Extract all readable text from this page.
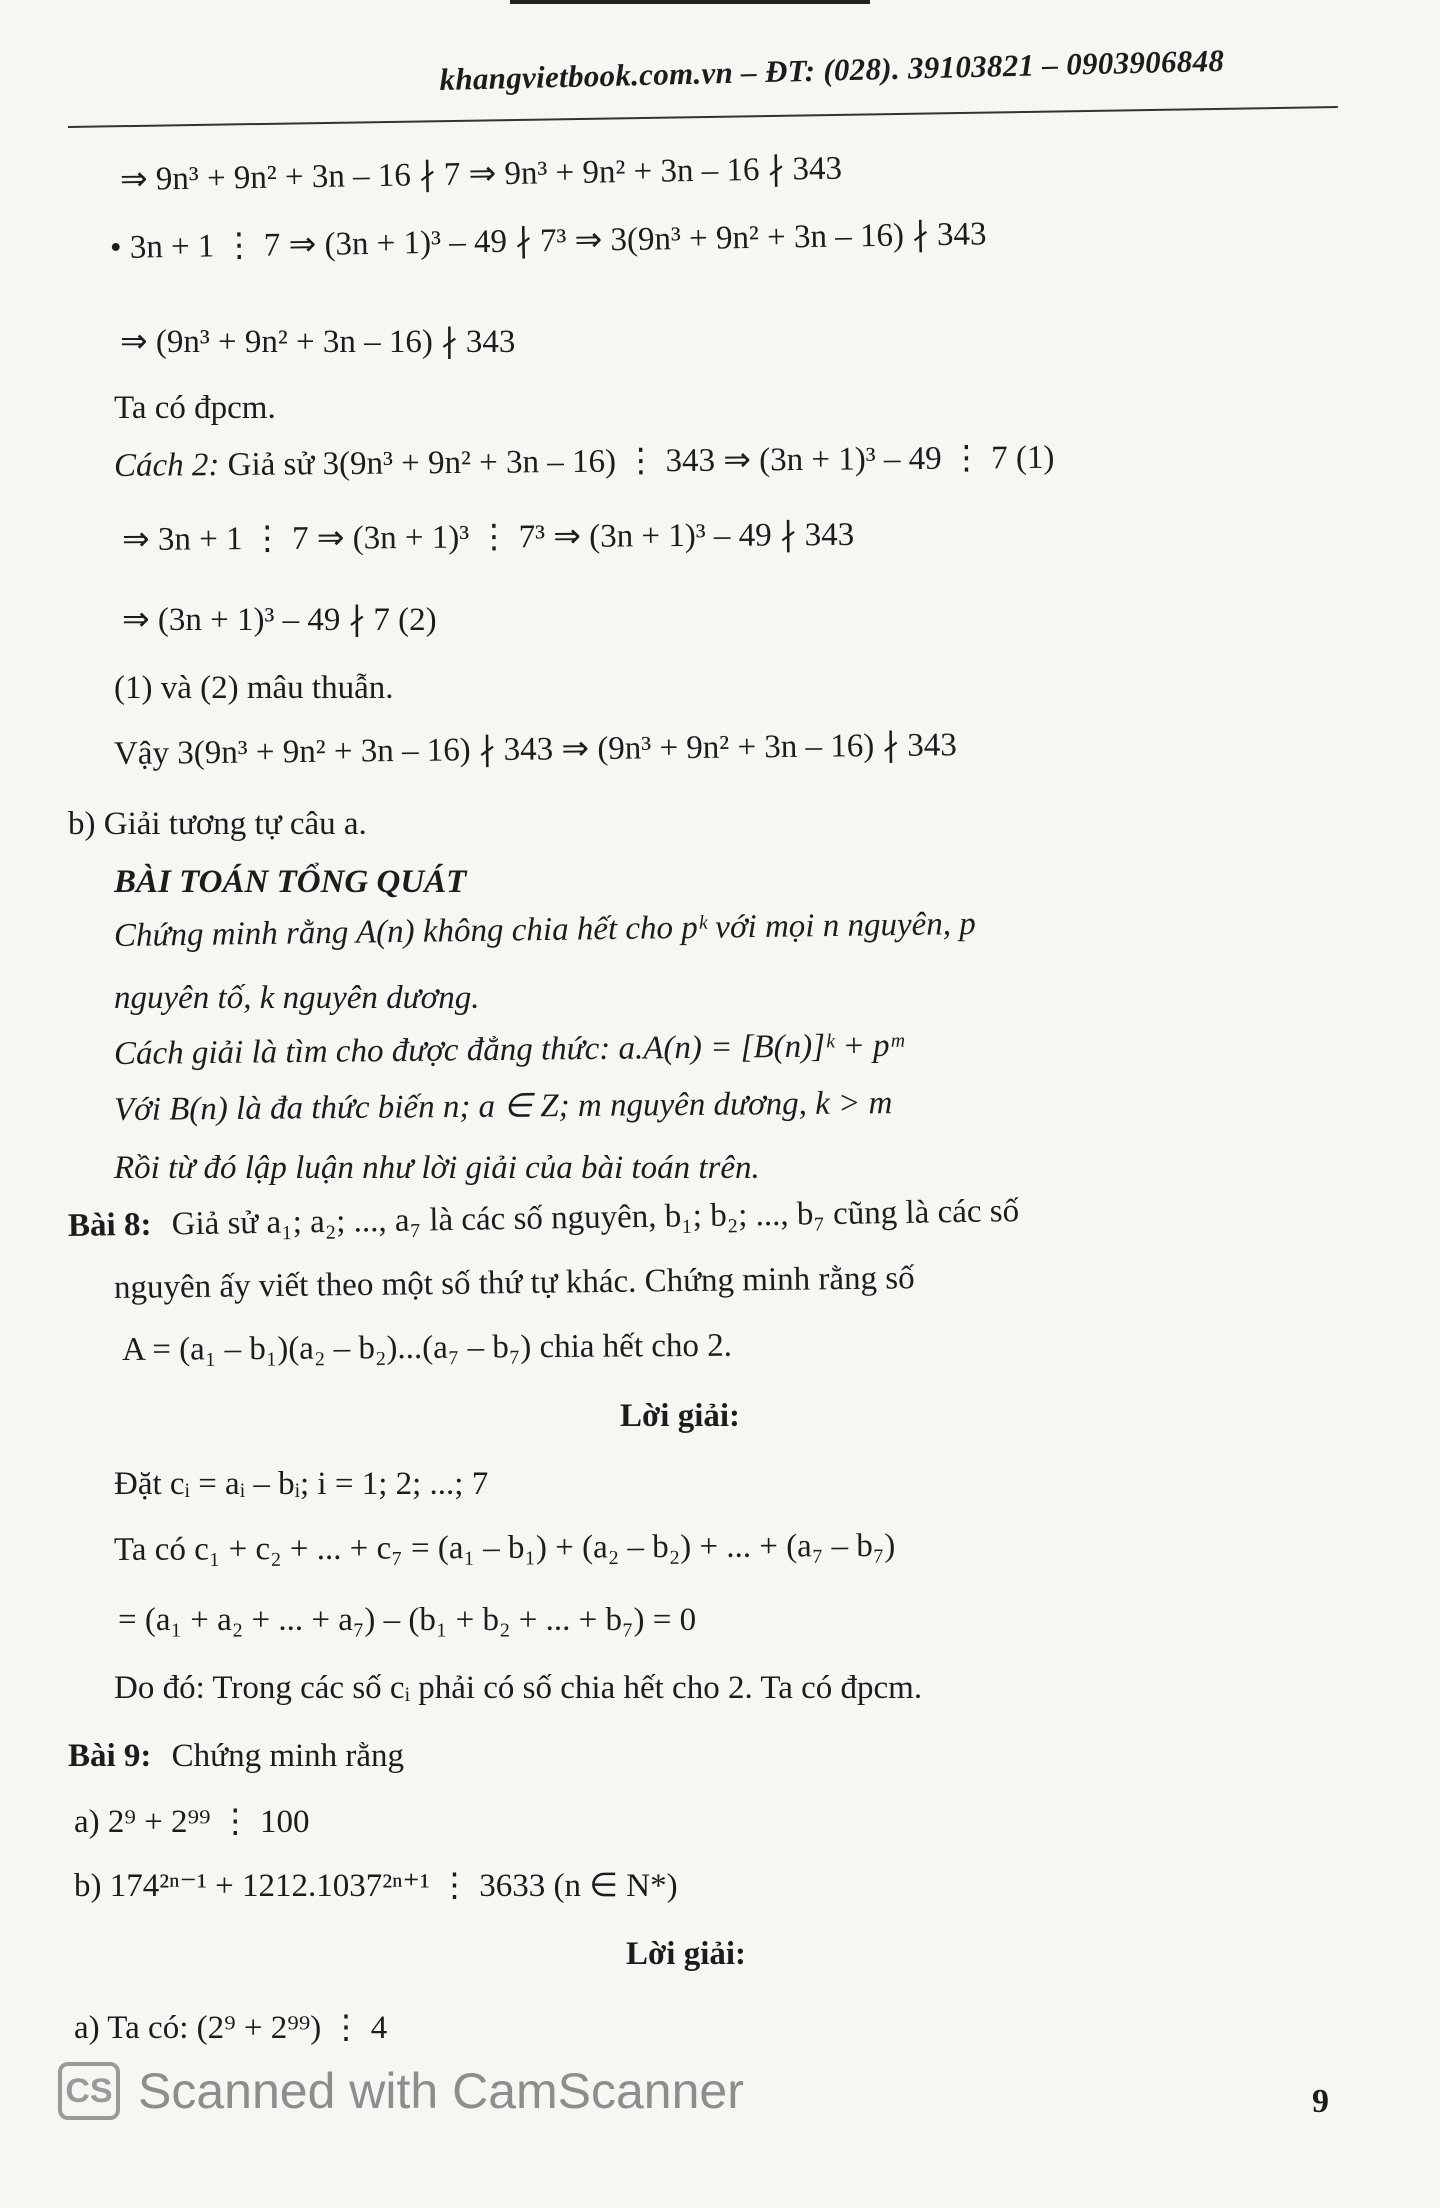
khangvietbook.com.vn – ĐT: (028). 39103821 – 0903906848
⇒ 9n³ + 9n² + 3n – 16 ∤ 7 ⇒ 9n³ + 9n² + 3n – 16 ∤ 343
• 3n + 1 ⋮ 7 ⇒ (3n + 1)³ – 49 ∤ 7³ ⇒ 3(9n³ + 9n² + 3n – 16) ∤ 343
⇒ (9n³ + 9n² + 3n – 16) ∤ 343
Ta có đpcm.
Cách 2: Giả sử 3(9n³ + 9n² + 3n – 16) ⋮ 343 ⇒ (3n + 1)³ – 49 ⋮ 7 (1)
⇒ 3n + 1 ⋮ 7 ⇒ (3n + 1)³ ⋮ 7³ ⇒ (3n + 1)³ – 49 ∤ 343
⇒ (3n + 1)³ – 49 ∤ 7 (2)
(1) và (2) mâu thuẫn.
Vậy 3(9n³ + 9n² + 3n – 16) ∤ 343 ⇒ (9n³ + 9n² + 3n – 16) ∤ 343
b) Giải tương tự câu a.
BÀI TOÁN TỔNG QUÁT
Chứng minh rằng A(n) không chia hết cho pᵏ với mọi n nguyên, p
nguyên tố, k nguyên dương.
Cách giải là tìm cho được đẳng thức: a.A(n) = [B(n)]ᵏ + pᵐ
Với B(n) là đa thức biến n; a ∈ Z; m nguyên dương, k > m
Rồi từ đó lập luận như lời giải của bài toán trên.
Bài 8: Giả sử a₁; a₂; ..., a₇ là các số nguyên, b₁; b₂; ..., b₇ cũng là các số
nguyên ấy viết theo một số thứ tự khác. Chứng minh rằng số
A = (a₁ – b₁)(a₂ – b₂)...(a₇ – b₇) chia hết cho 2.
Lời giải:
Đặt cᵢ = aᵢ – bᵢ; i = 1; 2; ...; 7
Ta có c₁ + c₂ + ... + c₇ = (a₁ – b₁) + (a₂ – b₂) + ... + (a₇ – b₇)
= (a₁ + a₂ + ... + a₇) – (b₁ + b₂ + ... + b₇) = 0
Do đó: Trong các số cᵢ phải có số chia hết cho 2. Ta có đpcm.
Bài 9: Chứng minh rằng
a) 2⁹ + 2⁹⁹ ⋮ 100
b) 174²ⁿ⁻¹ + 1212.1037²ⁿ⁺¹ ⋮ 3633 (n ∈ N*)
Lời giải:
a) Ta có: (2⁹ + 2⁹⁹) ⋮ 4
CS Scanned with CamScanner	9
